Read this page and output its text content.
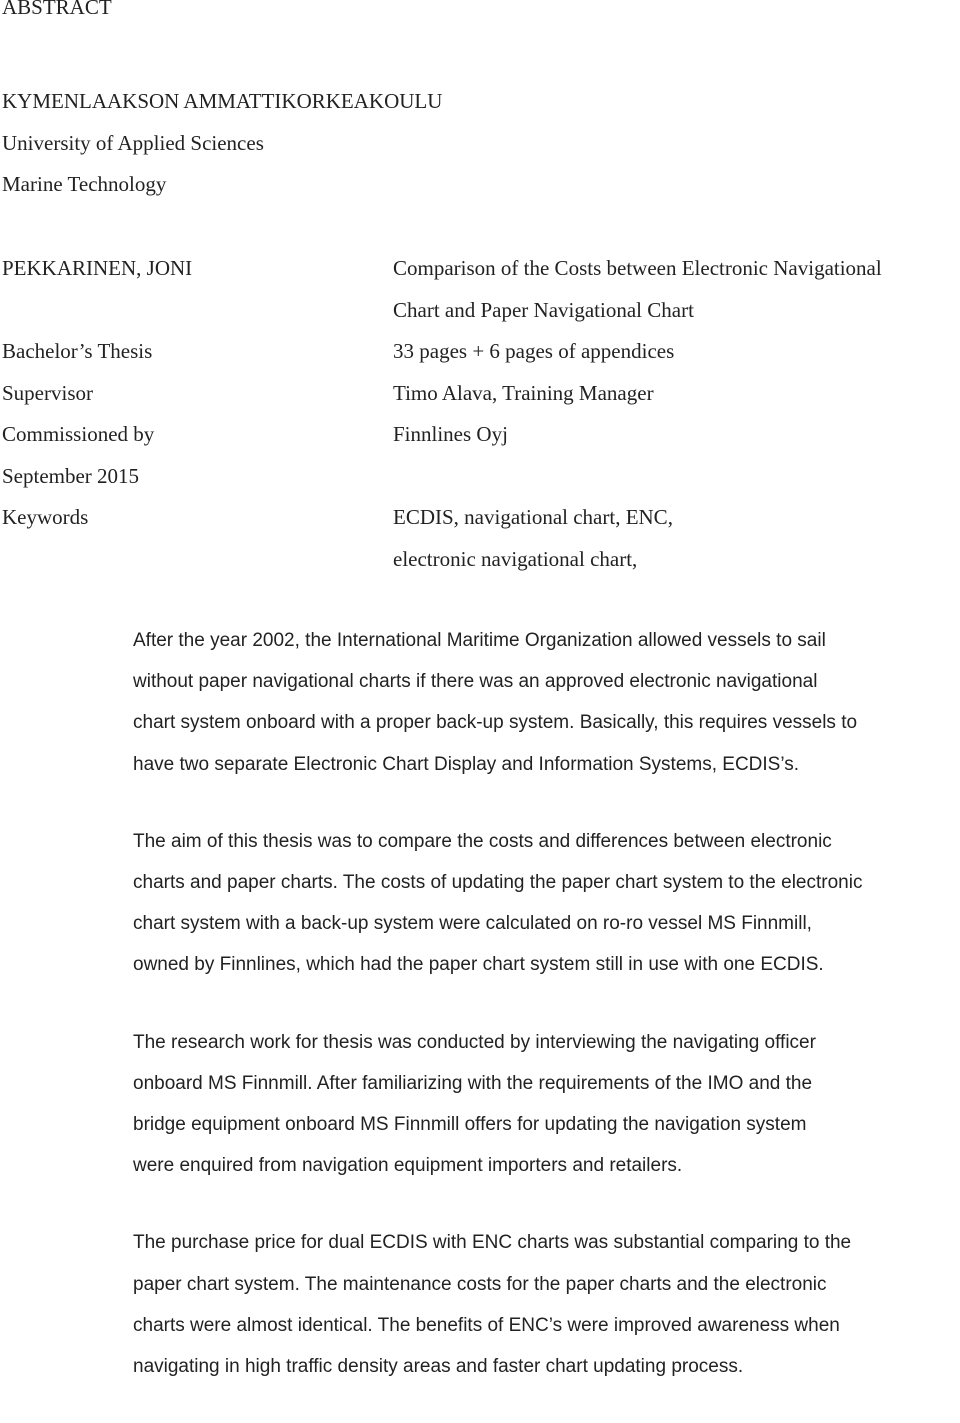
ABSTRACT
KYMENLAAKSON AMMATTIKORKEAKOULU
University of Applied Sciences
Marine Technology
PEKKARINEN, JONI	Comparison of the Costs between Electronic Navigational
Chart and Paper Navigational Chart
Bachelor’s Thesis	33 pages + 6 pages of appendices
Supervisor	Timo Alava, Training Manager
Commissioned by	Finnlines Oyj
September 2015
Keywords	ECDIS, navigational chart, ENC,
electronic navigational chart,
After the year 2002, the International Maritime Organization allowed vessels to sail
without paper navigational charts if there was an approved electronic navigational
chart system onboard with a proper back-up system. Basically, this requires vessels to
have two separate Electronic Chart Display and Information Systems, ECDIS’s.
The aim of this thesis was to compare the costs and differences between electronic
charts and paper charts. The costs of updating the paper chart system to the electronic
chart system with a back-up system were calculated on ro-ro vessel MS Finnmill,
owned by Finnlines, which had the paper chart system still in use with one ECDIS.
The research work for thesis was conducted by interviewing the navigating officer
onboard MS Finnmill. After familiarizing with the requirements of the IMO and the
bridge equipment onboard MS Finnmill offers for updating the navigation system
were enquired from navigation equipment importers and retailers.
The purchase price for dual ECDIS with ENC charts was substantial comparing to the
paper chart system. The maintenance costs for the paper charts and the electronic
charts were almost identical. The benefits of ENC’s were improved awareness when
navigating in high traffic density areas and faster chart updating process.
